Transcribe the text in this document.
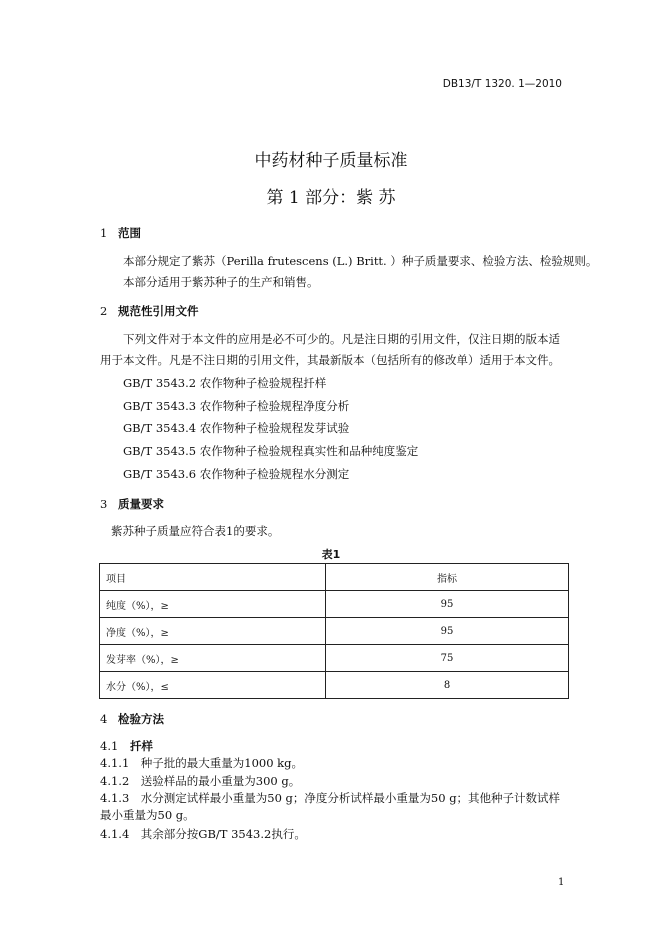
DB13/T 1320. 1—2010
中药材种子质量标准
第 1 部分：紫 苏
1 范围
本部分规定了紫苏（Perilla frutescens (L.) Britt. ）种子质量要求、检验方法、检验规则。
本部分适用于紫苏种子的生产和销售。
2 规范性引用文件
下列文件对于本文件的应用是必不可少的。凡是注日期的引用文件，仅注日期的版本适
用于本文件。凡是不注日期的引用文件，其最新版本（包括所有的修改单）适用于本文件。
GB/T 3543.2 农作物种子检验规程扦样
GB/T 3543.3 农作物种子检验规程净度分析
GB/T 3543.4 农作物种子检验规程发芽试验
GB/T 3543.5 农作物种子检验规程真实性和品种纯度鉴定
GB/T 3543.6 农作物种子检验规程水分测定
3 质量要求
紫苏种子质量应符合表1的要求。
表1
项目	指标
纯度（%），≥	95
净度（%），≥	95
发芽率（%），≥	75
水分（%），≤	8
4 检验方法
4.1 扦样
4.1.1　种子批的最大重量为1000 kg。
4.1.2　送验样品的最小重量为300 g。
4.1.3　水分测定试样最小重量为50 g；净度分析试样最小重量为50 g；其他种子计数试样
最小重量为50 g。
4.1.4　其余部分按GB/T 3543.2执行。
1
